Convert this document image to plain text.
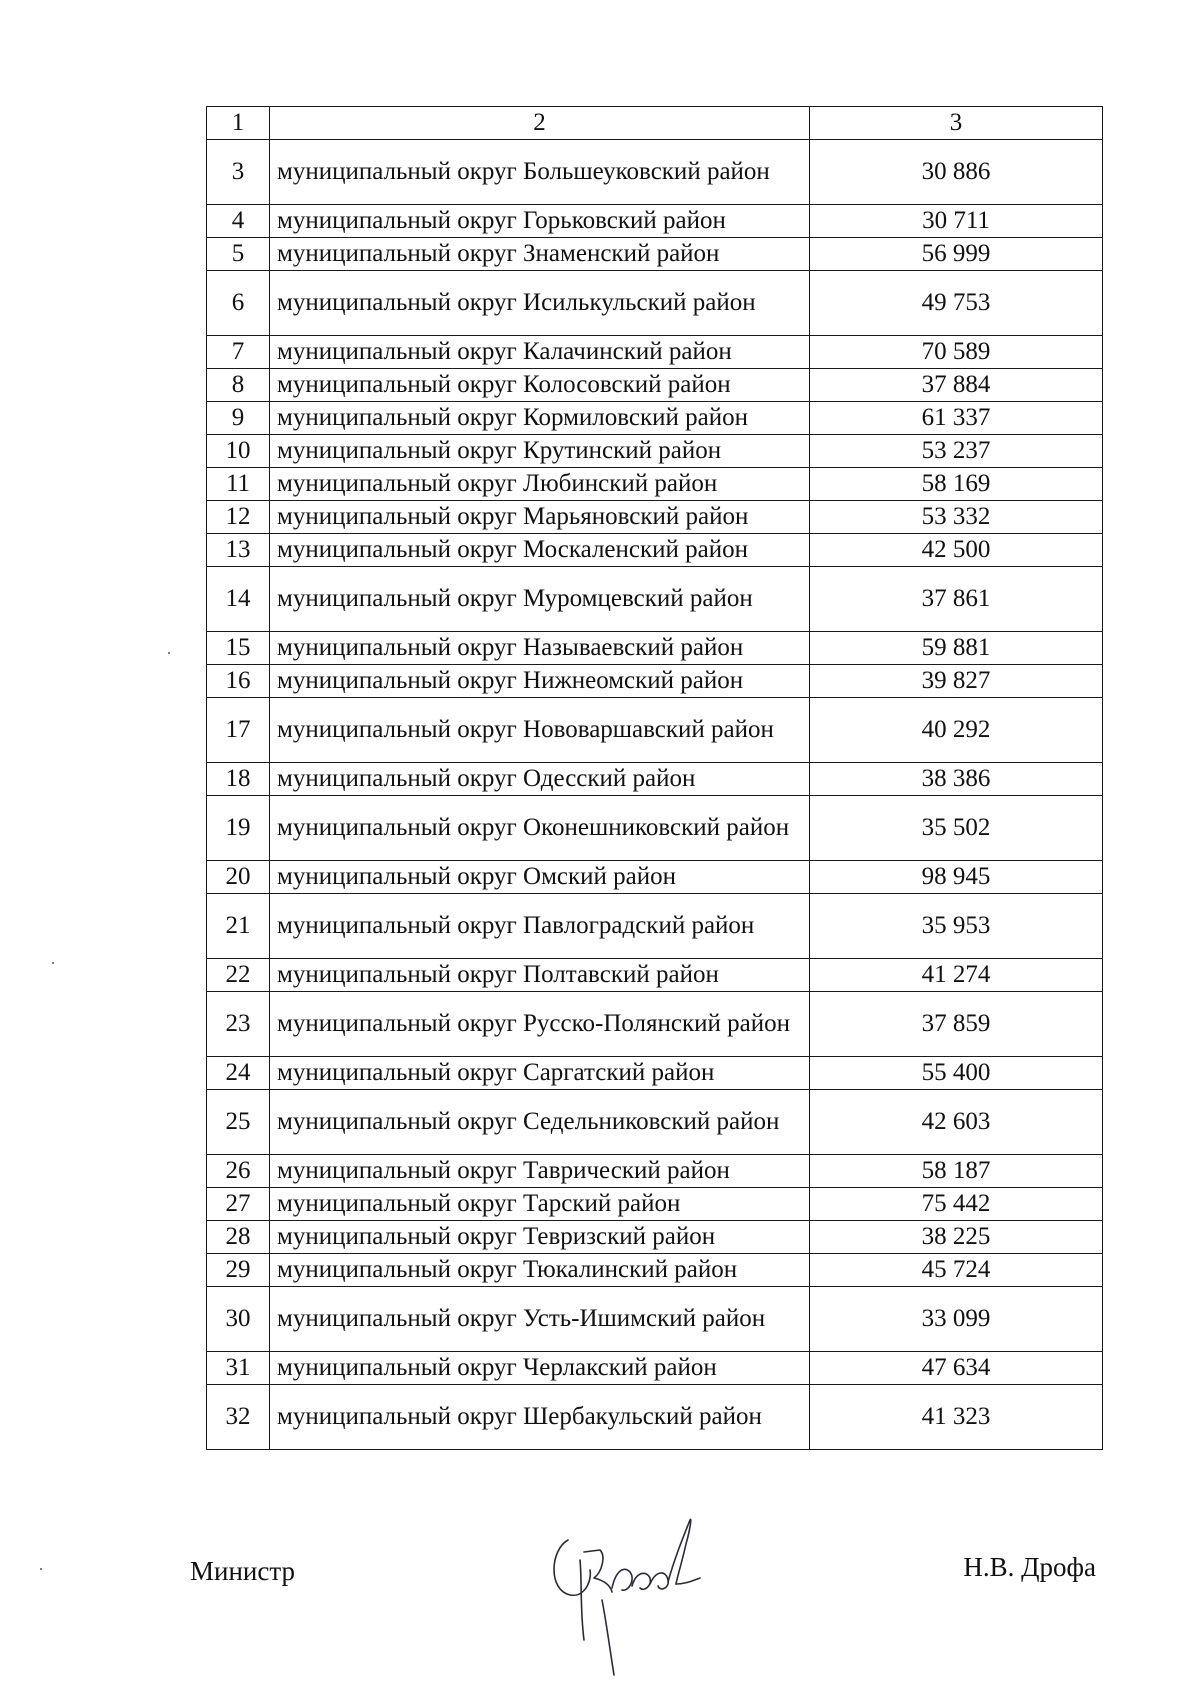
1	2	3
3	муниципальный округ Большеуковский район	30 886
4	муниципальный округ Горьковский район	30 711
5	муниципальный округ Знаменский район	56 999
6	муниципальный округ Исилькульский район	49 753
7	муниципальный округ Калачинский район	70 589
8	муниципальный округ Колосовский район	37 884
9	муниципальный округ Кормиловский район	61 337
10	муниципальный округ Крутинский район	53 237
11	муниципальный округ Любинский район	58 169
12	муниципальный округ Марьяновский район	53 332
13	муниципальный округ Москаленский район	42 500
14	муниципальный округ Муромцевский район	37 861
15	муниципальный округ Называевский район	59 881
16	муниципальный округ Нижнеомский район	39 827
17	муниципальный округ Нововаршавский район	40 292
18	муниципальный округ Одесский район	38 386
19	муниципальный округ Оконешниковский район	35 502
20	муниципальный округ Омский район	98 945
21	муниципальный округ Павлоградский район	35 953
22	муниципальный округ Полтавский район	41 274
23	муниципальный округ Русско-Полянский район	37 859
24	муниципальный округ Саргатский район	55 400
25	муниципальный округ Седельниковский район	42 603
26	муниципальный округ Таврический район	58 187
27	муниципальный округ Тарский район	75 442
28	муниципальный округ Тевризский район	38 225
29	муниципальный округ Тюкалинский район	45 724
30	муниципальный округ Усть-Ишимский район	33 099
31	муниципальный округ Черлакский район	47 634
32	муниципальный округ Шербакульский район	41 323
Министр	Н.В. Дрофа
